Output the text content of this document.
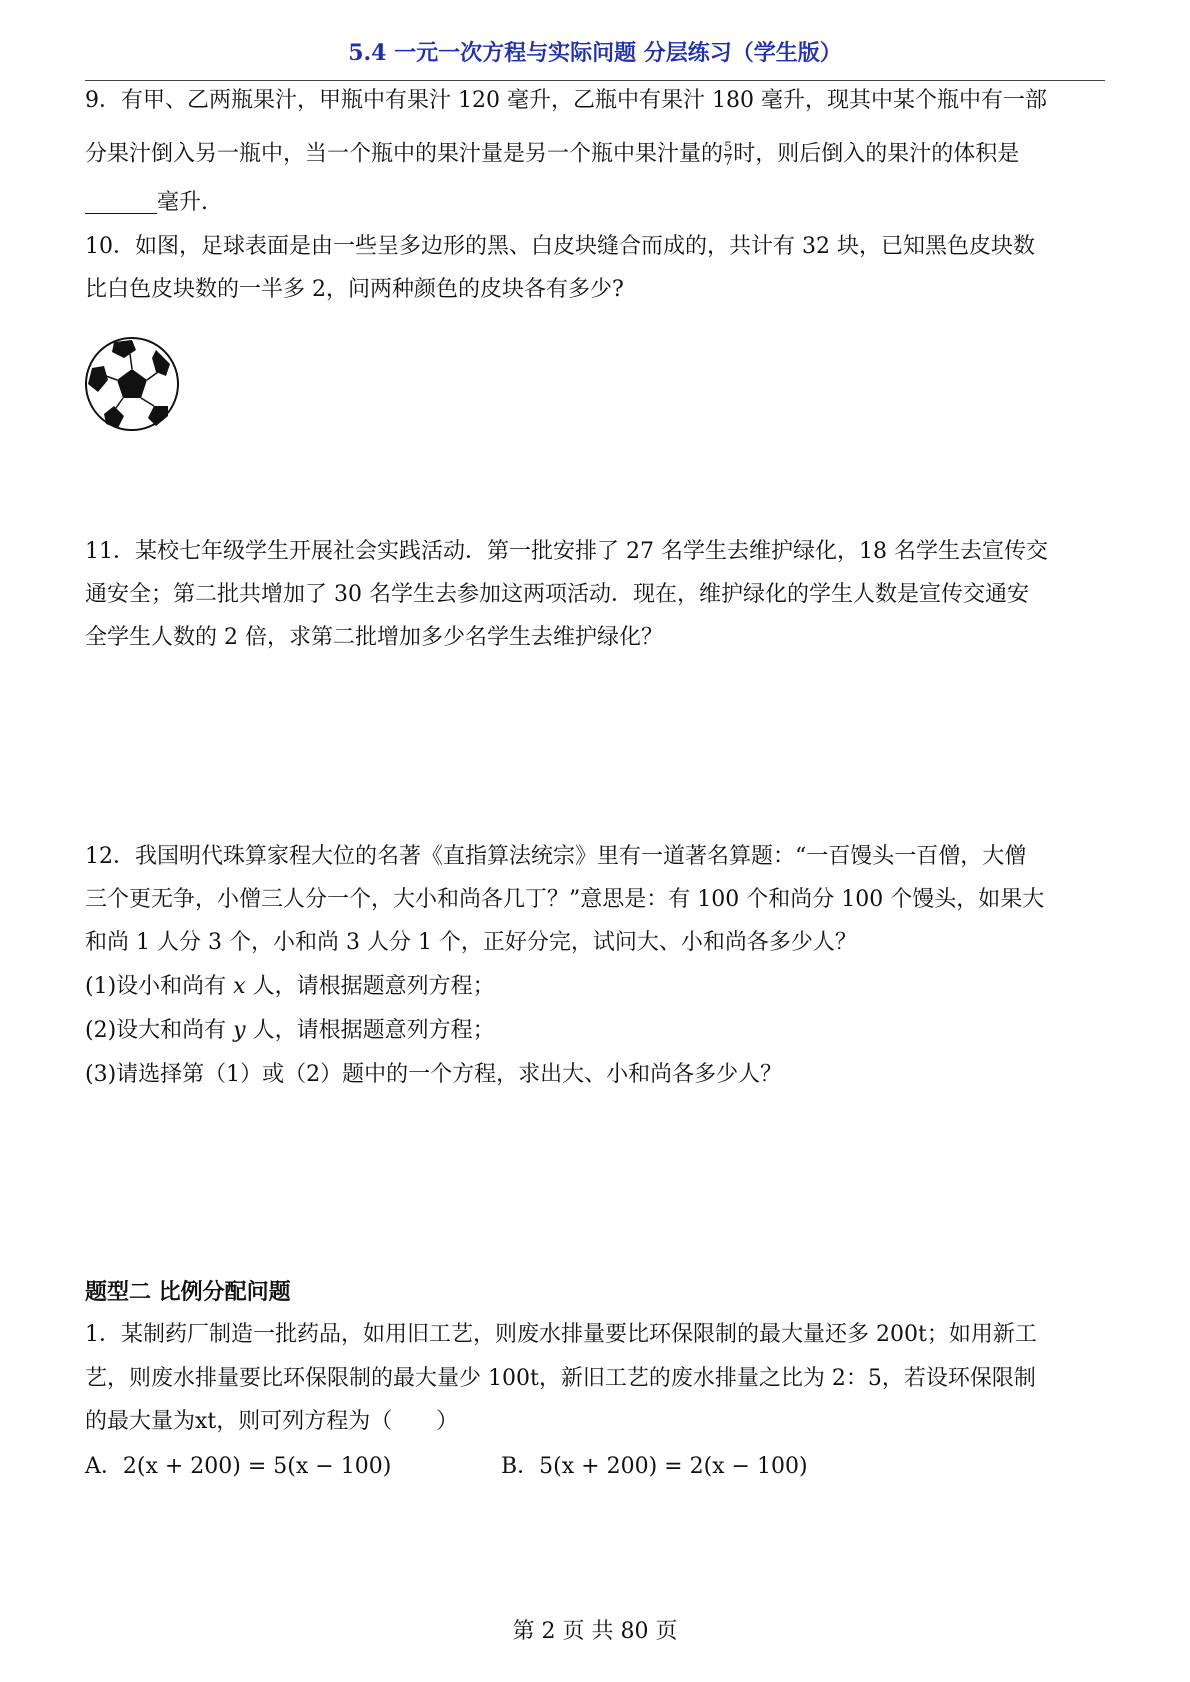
5.4 一元一次方程与实际问题 分层练习（学生版）
9．有甲、乙两瓶果汁，甲瓶中有果汁 120 毫升，乙瓶中有果汁 180 毫升，现其中某个瓶中有一部
分果汁倒入另一瓶中，当一个瓶中的果汁量是另一个瓶中果汁量的 $\frac{5}{7}$ 时，则后倒入的果汁的体积是
毫升.
10．如图，足球表面是由一些呈多边形的黑、白皮块缝合而成的，共计有 32 块，已知黑色皮块数
比白色皮块数的一半多 2，问两种颜色的皮块各有多少?
11．某校七年级学生开展社会实践活动．第一批安排了 27 名学生去维护绿化，18 名学生去宣传交
通安全；第二批共增加了 30 名学生去参加这两项活动．现在，维护绿化的学生人数是宣传交通安
全学生人数的 2 倍，求第二批增加多少名学生去维护绿化？
12．我国明代珠算家程大位的名著《直指算法统宗》里有一道著名算题：“一百馒头一百僧，大僧
三个更无争，小僧三人分一个，大小和尚各几丁？”意思是：有 100 个和尚分 100 个馒头，如果大
和尚 1 人分 3 个，小和尚 3 人分 1 个，正好分完，试问大、小和尚各多少人？
(1)设小和尚有 x 人，请根据题意列方程；
(2)设大和尚有 y 人，请根据题意列方程；
(3)请选择第（1）或（2）题中的一个方程，求出大、小和尚各多少人？
题型二 比例分配问题
1．某制药厂制造一批药品，如用旧工艺，则废水排量要比环保限制的最大量还多 200t；如用新工
艺，则废水排量要比环保限制的最大量少 100t，新旧工艺的废水排量之比为 2：5，若设环保限制
的最大量为xt，则可列方程为（　　）
A．2(x + 200) = 5(x − 100)	B．5(x + 200) = 2(x − 100)
第 2 页 共 80 页
